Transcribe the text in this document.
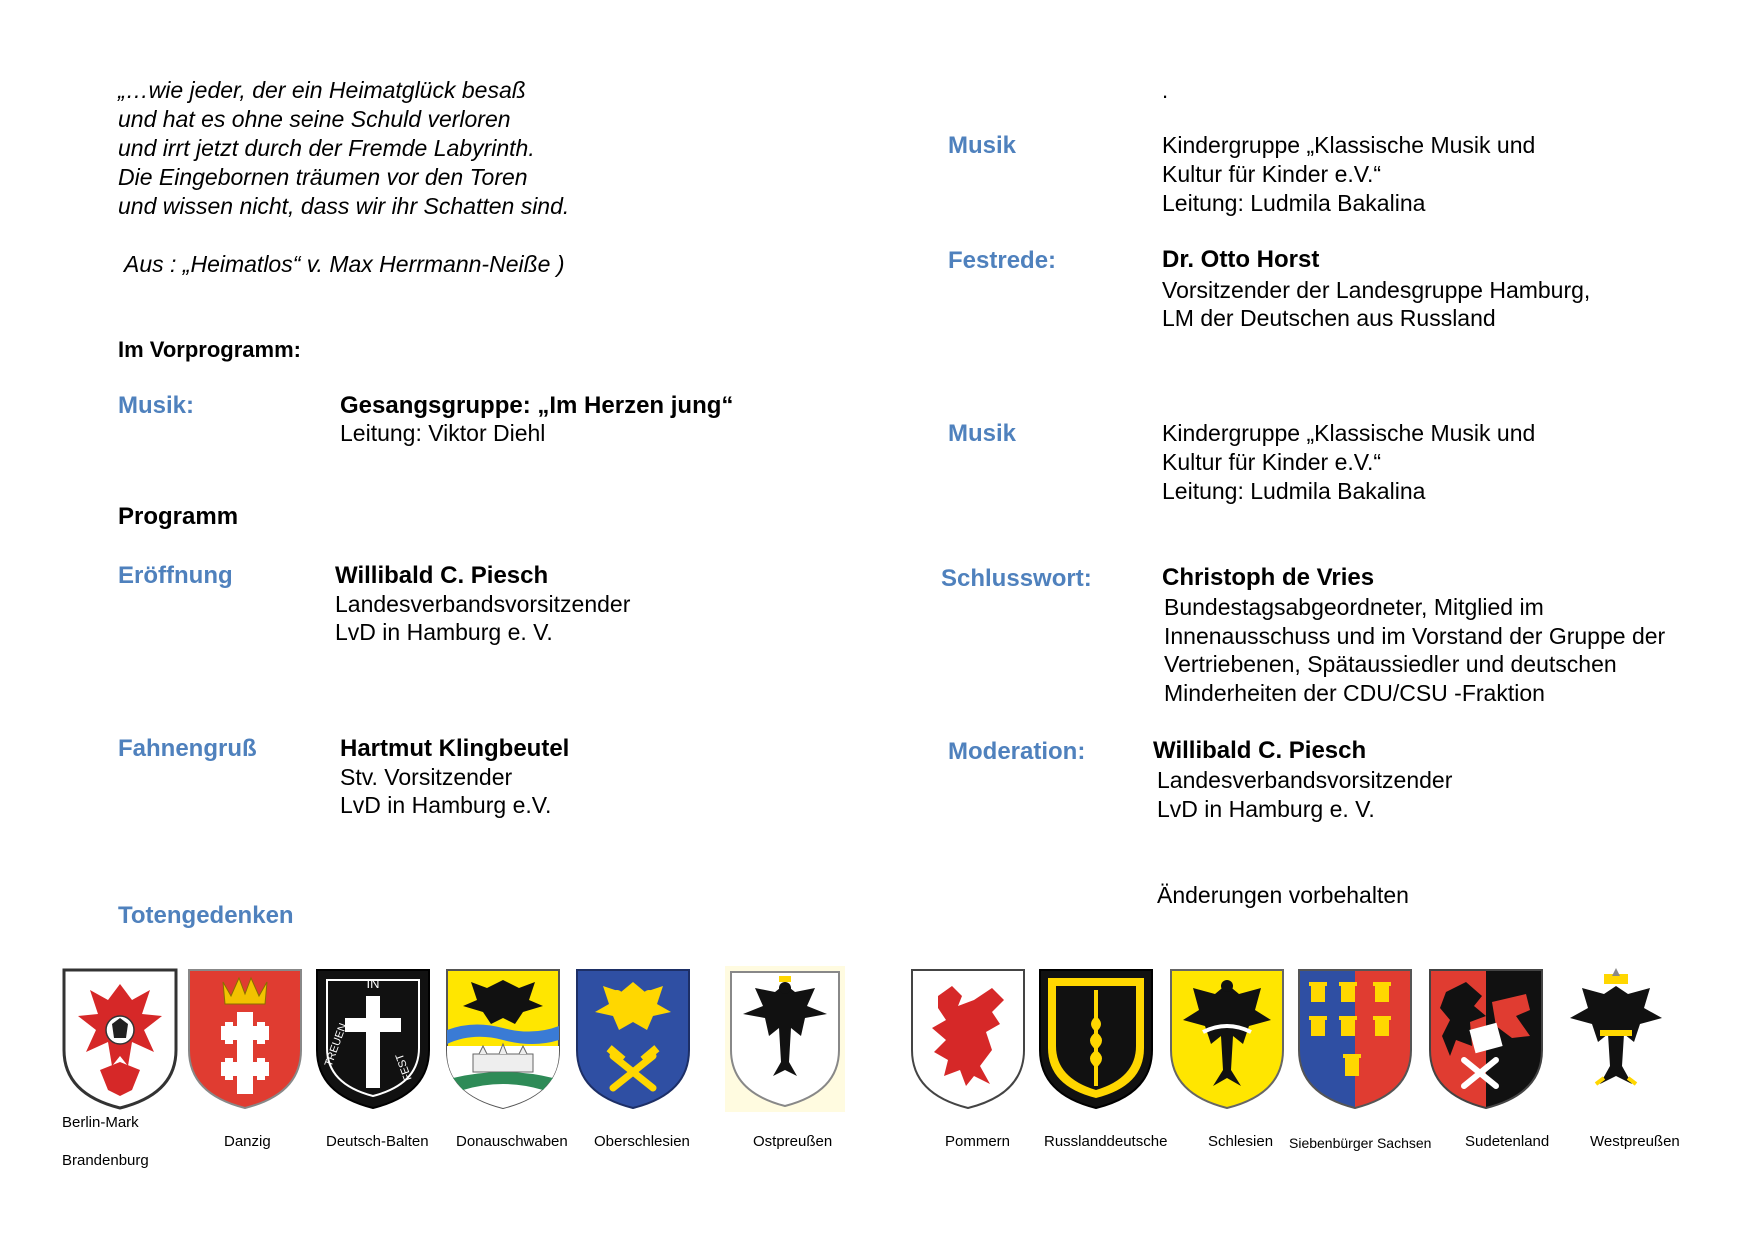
„…wie jeder, der ein Heimatglück besaß
und hat es ohne seine Schuld verloren
und irrt jetzt durch der Fremde Labyrinth.
Die Eingebornen träumen vor den Toren
und wissen nicht, dass wir ihr Schatten sind.
Aus : „Heimatlos“ v. Max Herrmann-Neiße )
Im Vorprogramm:
Musik:	Gesangsgruppe: „Im Herzen jung“
Leitung: Viktor Diehl
Programm
Eröffnung	Willibald C. Piesch
Landesverbandsvorsitzender
LvD in Hamburg e. V.
Fahnengruß	Hartmut Klingbeutel
Stv. Vorsitzender
LvD in Hamburg e.V.
Totengedenken
.
Musik	Kindergruppe „Klassische Musik und
Kultur für Kinder e.V.“
Leitung: Ludmila Bakalina
Festrede:	Dr. Otto Horst
Vorsitzender der Landesgruppe Hamburg,
LM der Deutschen aus Russland
Musik	Kindergruppe „Klassische Musik und
Kultur für Kinder e.V.“
Leitung: Ludmila Bakalina
Schlusswort:	Christoph de Vries
Bundestagsabgeordneter, Mitglied im
Innenausschuss und im Vorstand der Gruppe der
Vertriebenen, Spätaussiedler und deutschen
Minderheiten der CDU/CSU -Fraktion
Moderation:	Willibald C. Piesch
Landesverbandsvorsitzender
LvD in Hamburg e. V.
Änderungen vorbehalten
Berlin-Mark
Brandenburg
Danzig
IN
TREUEN	FEST
Deutsch-Balten Donauschwaben Oberschlesien	Ostpreußen	Pommern Russlanddeutsche	Schlesien Siebenbürger Sachsen Sudetenland	Westpreußen
